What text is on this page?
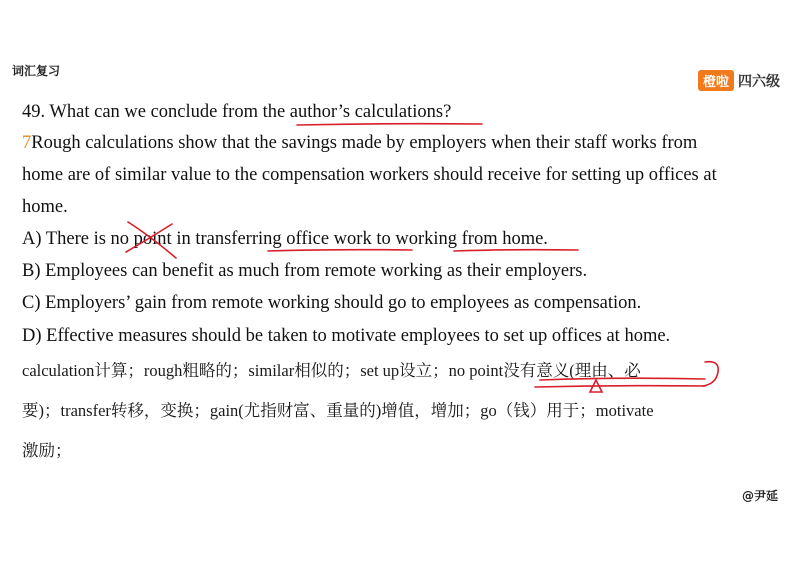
词汇复习
橙啦 四六级
49. What can we conclude from the author’s calculations?
7Rough calculations show that the savings made by employers when their staff works from
home are of similar value to the compensation workers should receive for setting up offices at
home.
A) There is no point in transferring office work to working from home.
B) Employees can benefit as much from remote working as their employers.
C) Employers’ gain from remote working should go to employees as compensation.
D) Effective measures should be taken to motivate employees to set up offices at home.
calculation计算；rough粗略的；similar相似的；set up设立；no point没有意义(理由、必
要)；transfer转移，变换；gain(尤指财富、重量的)增值，增加；go（钱）用于；motivate
激励；
@尹延
